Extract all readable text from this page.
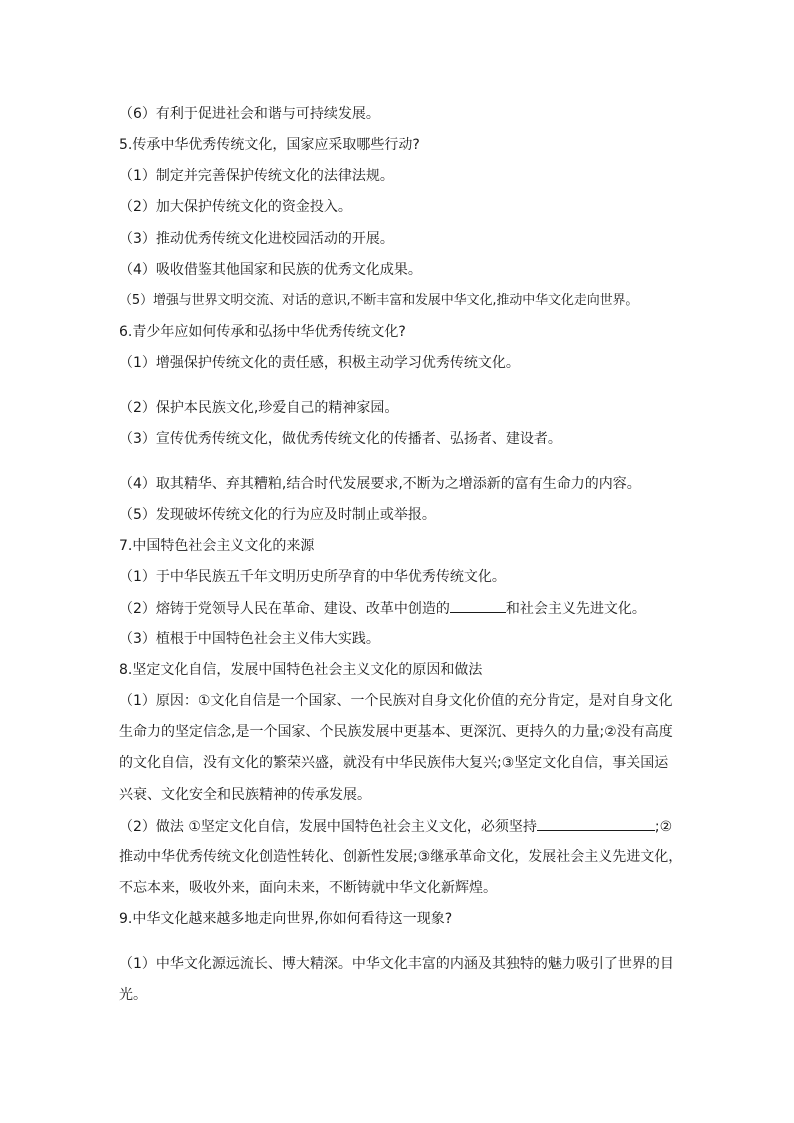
（6）有利于促进社会和谐与可持续发展。
5.传承中华优秀传统文化，国家应采取哪些行动?
（1）制定并完善保护传统文化的法律法规。
（2）加大保护传统文化的资金投入。
（3）推动优秀传统文化进校园活动的开展。
（4）吸收借鉴其他国家和民族的优秀文化成果。
（5）增强与世界文明交流、对话的意识,不断丰富和发展中华文化,推动中华文化走向世界。
6.青少年应如何传承和弘扬中华优秀传统文化?
（1）增强保护传统文化的责任感，积极主动学习优秀传统文化。
（2）保护本民族文化,珍爱自己的精神家园。
（3）宣传优秀传统文化，做优秀传统文化的传播者、弘扬者、建设者。
（4）取其精华、弃其糟粕,结合时代发展要求,不断为之增添新的富有生命力的内容。
（5）发现破坏传统文化的行为应及时制止或举报。
7.中国特色社会主义文化的来源
（1）于中华民族五千年文明历史所孕育的中华优秀传统文化。
（2）熔铸于党领导人民在革命、建设、改革中创造的	和社会主义先进文化。
（3）植根于中国特色社会主义伟大实践。
8.坚定文化自信，发展中国特色社会主义文化的原因和做法
（1）原因：①文化自信是一个国家、一个民族对自身文化价值的充分肯定，是对自身文化
生命力的坚定信念,是一个国家、个民族发展中更基本、更深沉、更持久的力量;②没有高度
的文化自信，没有文化的繁荣兴盛，就没有中华民族伟大复兴;③坚定文化自信，事关国运
兴衰、文化安全和民族精神的传承发展。
（2）做法 ①坚定文化自信，发展中国特色社会主义文化，必须坚持	;②
推动中华优秀传统文化创造性转化、创新性发展;③继承革命文化，发展社会主义先进文化，
不忘本来，吸收外来，面向未来，不断铸就中华文化新辉煌。
9.中华文化越来越多地走向世界,你如何看待这一现象?
（1）中华文化源远流长、博大精深。中华文化丰富的内涵及其独特的魅力吸引了世界的目
光。
